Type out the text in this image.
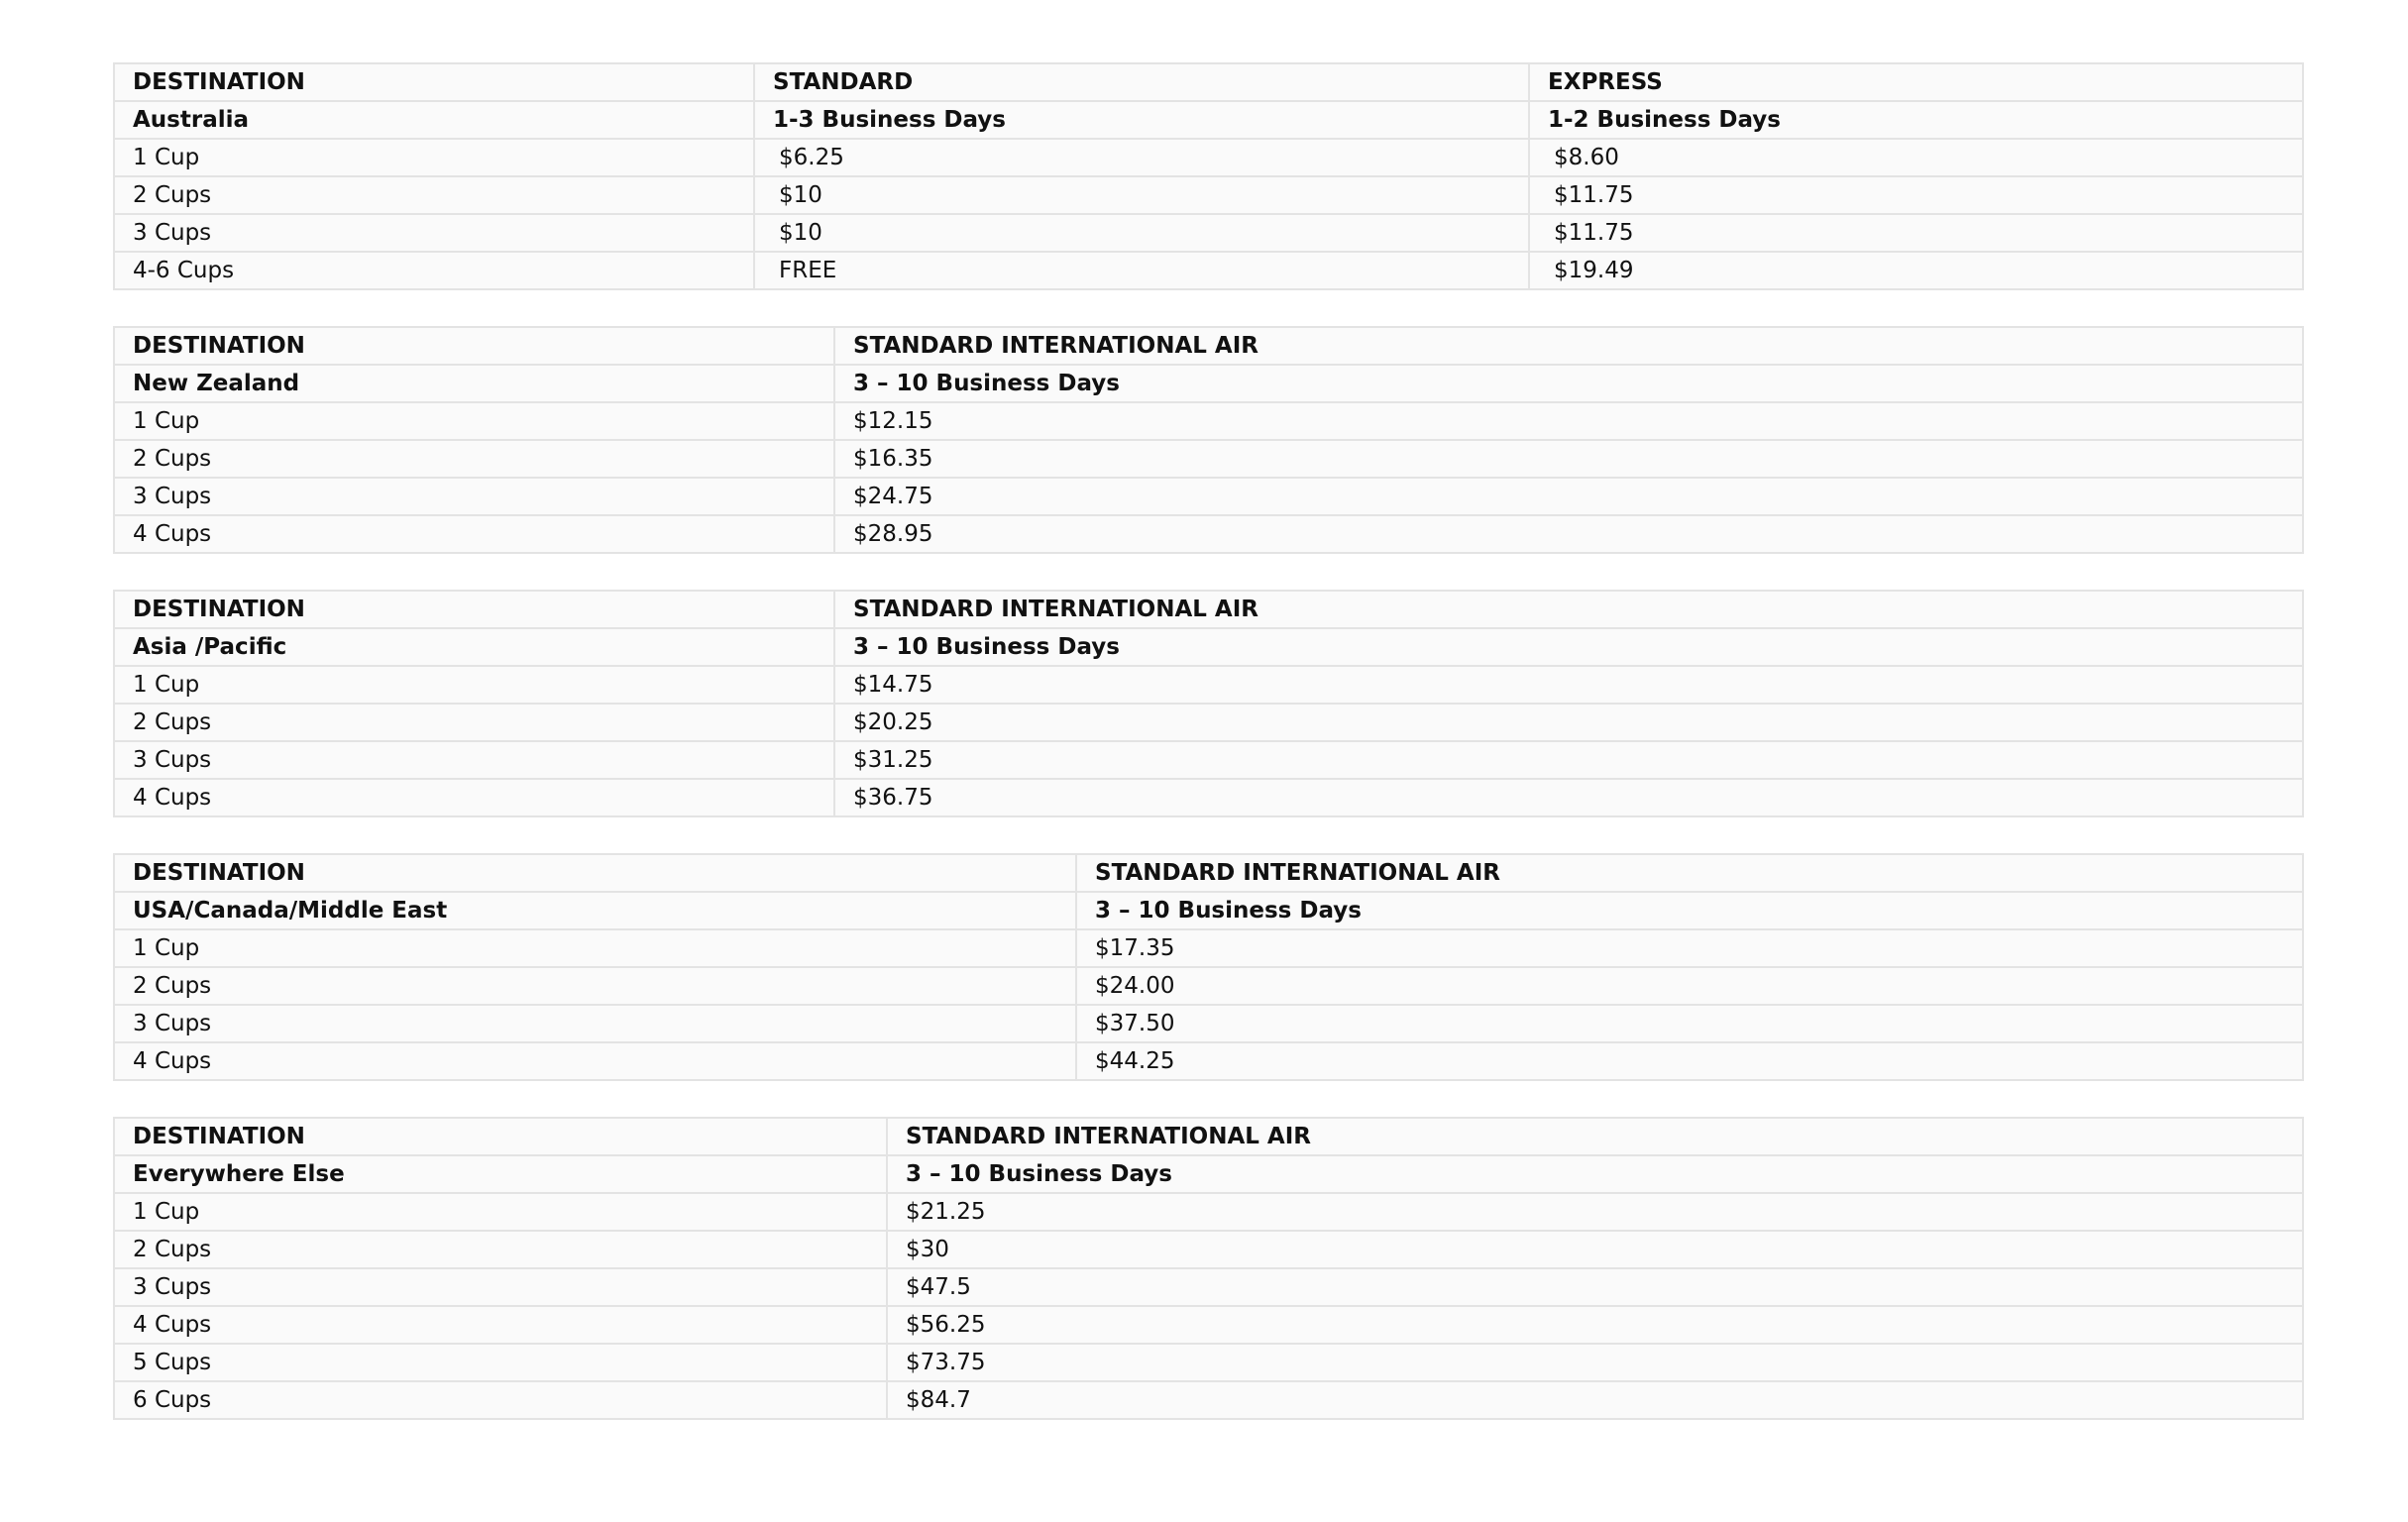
DESTINATION	STANDARD	EXPRESS
Australia	1-3 Business Days	1-2 Business Days
1 Cup	$6.25	$8.60
2 Cups	$10	$11.75
3 Cups	$10	$11.75
4-6 Cups	FREE	$19.49
DESTINATION	STANDARD INTERNATIONAL AIR
New Zealand	3 – 10 Business Days
1 Cup	$12.15
2 Cups	$16.35
3 Cups	$24.75
4 Cups	$28.95
DESTINATION	STANDARD INTERNATIONAL AIR
Asia /Pacific	3 – 10 Business Days
1 Cup	$14.75
2 Cups	$20.25
3 Cups	$31.25
4 Cups	$36.75
DESTINATION	STANDARD INTERNATIONAL AIR
USA/Canada/Middle East	3 – 10 Business Days
1 Cup	$17.35
2 Cups	$24.00
3 Cups	$37.50
4 Cups	$44.25
DESTINATION	STANDARD INTERNATIONAL AIR
Everywhere Else	3 – 10 Business Days
1 Cup	$21.25
2 Cups	$30
3 Cups	$47.5
4 Cups	$56.25
5 Cups	$73.75
6 Cups	$84.7
